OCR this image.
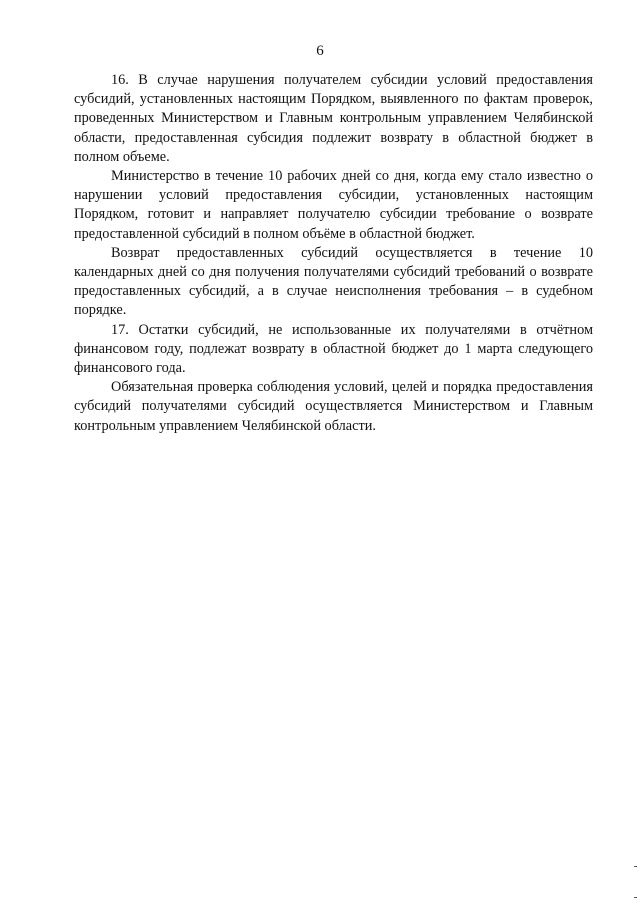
6

16. В случае нарушения получателем субсидии условий предоставления субсидий, установленных настоящим Порядком, выявленного по фактам проверок, проведенных Министерством и Главным контрольным управлением Челябинской области, предоставленная субсидия подлежит возврату в областной бюджет в полном объеме.

Министерство в течение 10 рабочих дней со дня, когда ему стало известно о нарушении условий предоставления субсидии, установленных настоящим Порядком, готовит и направляет получателю субсидии требование о возврате предоставленной субсидий в полном объёме в областной бюджет.

Возврат предоставленных субсидий осуществляется в течение 10 календарных дней со дня получения получателями субсидий требований о возврате предоставленных субсидий, а в случае неисполнения требования – в судебном порядке.

17. Остатки субсидий, не использованные их получателями в отчётном финансовом году, подлежат возврату в областной бюджет до 1 марта следующего финансового года.

Обязательная проверка соблюдения условий, целей и порядка предоставления субсидий получателями субсидий осуществляется Министерством и Главным контрольным управлением Челябинской области.
